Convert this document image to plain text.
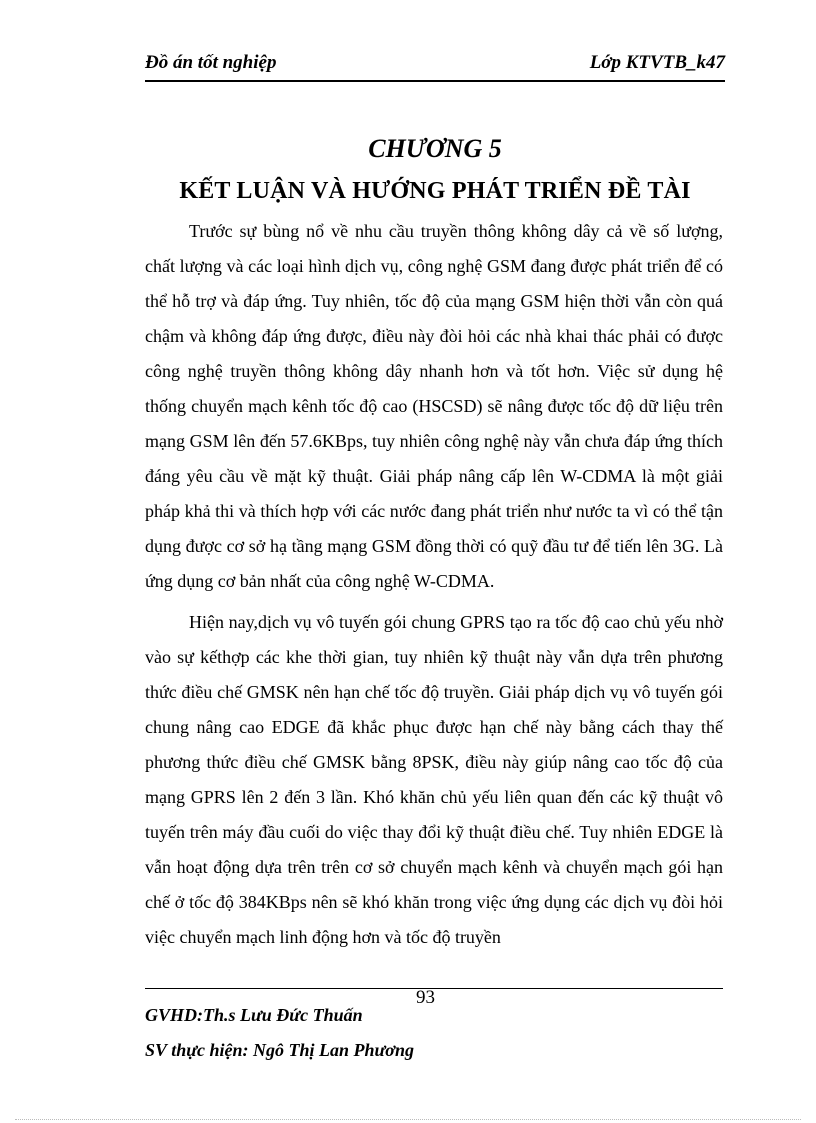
Đồ án tốt nghiệp	Lớp KTVTB_k47
CHƯƠNG 5
KẾT LUẬN VÀ HƯỚNG PHÁT TRIỂN ĐỀ TÀI

Trước sự bùng nổ về nhu cầu truyền thông không dây cả về số lượng, chất lượng và các loại hình dịch vụ, công nghệ GSM đang được phát triển để có thể hỗ trợ và đáp ứng. Tuy nhiên, tốc độ của mạng GSM hiện thời vẫn còn quá chậm và không đáp ứng được, điều này đòi hỏi các nhà khai thác phải có được công nghệ truyền thông không dây nhanh hơn và tốt hơn. Việc sử dụng hệ thống chuyển mạch kênh tốc độ cao (HSCSD) sẽ nâng được tốc độ dữ liệu trên mạng GSM lên đến 57.6KBps, tuy nhiên công nghệ này vẫn chưa đáp ứng thích đáng yêu cầu về mặt kỹ thuật. Giải pháp nâng cấp lên W-CDMA là một giải pháp khả thi và thích hợp với các nước đang phát triển như nước ta vì có thể tận dụng được cơ sở hạ tầng mạng GSM đồng thời có quỹ đầu tư để tiến lên 3G. Là ứng dụng cơ bản nhất của công nghệ W-CDMA.

Hiện nay,dịch vụ vô tuyến gói chung GPRS tạo ra tốc độ cao chủ yếu nhờ vào sự kếthợp các khe thời gian, tuy nhiên kỹ thuật này vẫn dựa trên phương thức điều chế GMSK nên hạn chế tốc độ truyền. Giải pháp dịch vụ vô tuyến gói chung nâng cao EDGE đã khắc phục được hạn chế này bằng cách thay thế phương thức điều chế GMSK bằng 8PSK, điều này giúp nâng cao tốc độ của mạng GPRS lên 2 đến 3 lần. Khó khăn chủ yếu liên quan đến các kỹ thuật vô tuyến trên máy đầu cuối do việc thay đổi kỹ thuật điều chế. Tuy nhiên EDGE là vẫn hoạt động dựa trên trên cơ sở chuyển mạch kênh và chuyển mạch gói hạn chế ở tốc độ 384KBps nên sẽ khó khăn trong việc ứng dụng các dịch vụ đòi hỏi việc chuyển mạch linh động hơn và tốc độ truyền

93
GVHD:Th.s Lưu Đức Thuấn
SV thực hiện: Ngô Thị Lan Phương
